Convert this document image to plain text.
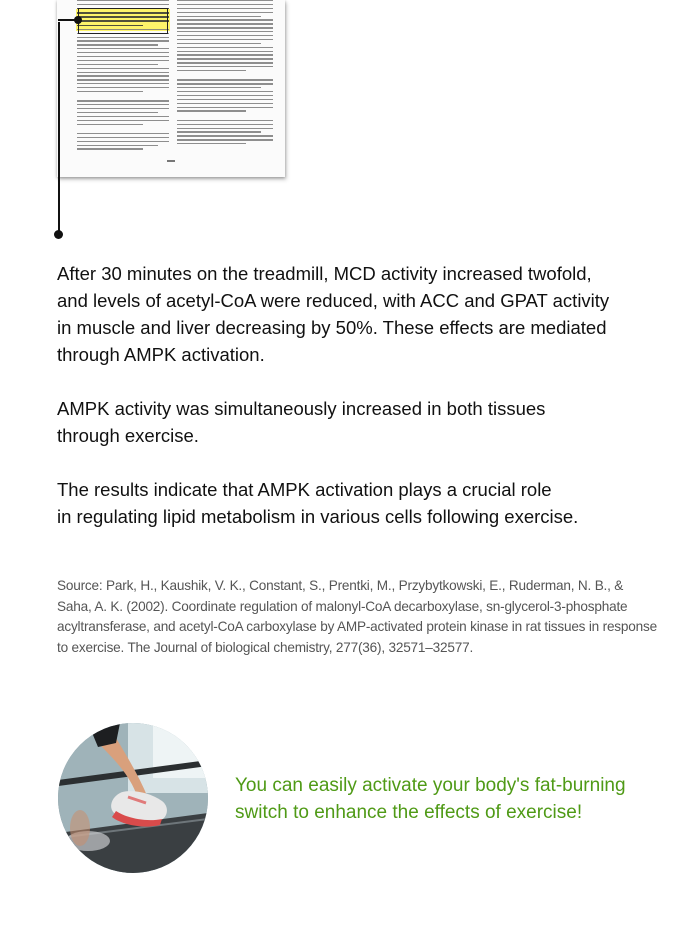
After 30 minutes on the treadmill, MCD activity increased twofold,
and levels of acetyl-CoA were reduced, with ACC and GPAT activity
in muscle and liver decreasing by 50%. These effects are mediated
through AMPK activation.

AMPK activity was simultaneously increased in both tissues
through exercise.

The results indicate that AMPK activation plays a crucial role
in regulating lipid metabolism in various cells following exercise.

Source: Park, H., Kaushik, V. K., Constant, S., Prentki, M., Przybytkowski, E., Ruderman, N. B., & Saha, A. K. (2002). Coordinate regulation of malonyl-CoA decarboxylase, sn-glycerol-3-phosphate acyltransferase, and acetyl-CoA carboxylase by AMP-activated protein kinase in rat tissues in response to exercise. The Journal of biological chemistry, 277(36), 32571–32577.
You can easily activate your body's fat-burning
switch to enhance the effects of exercise!
